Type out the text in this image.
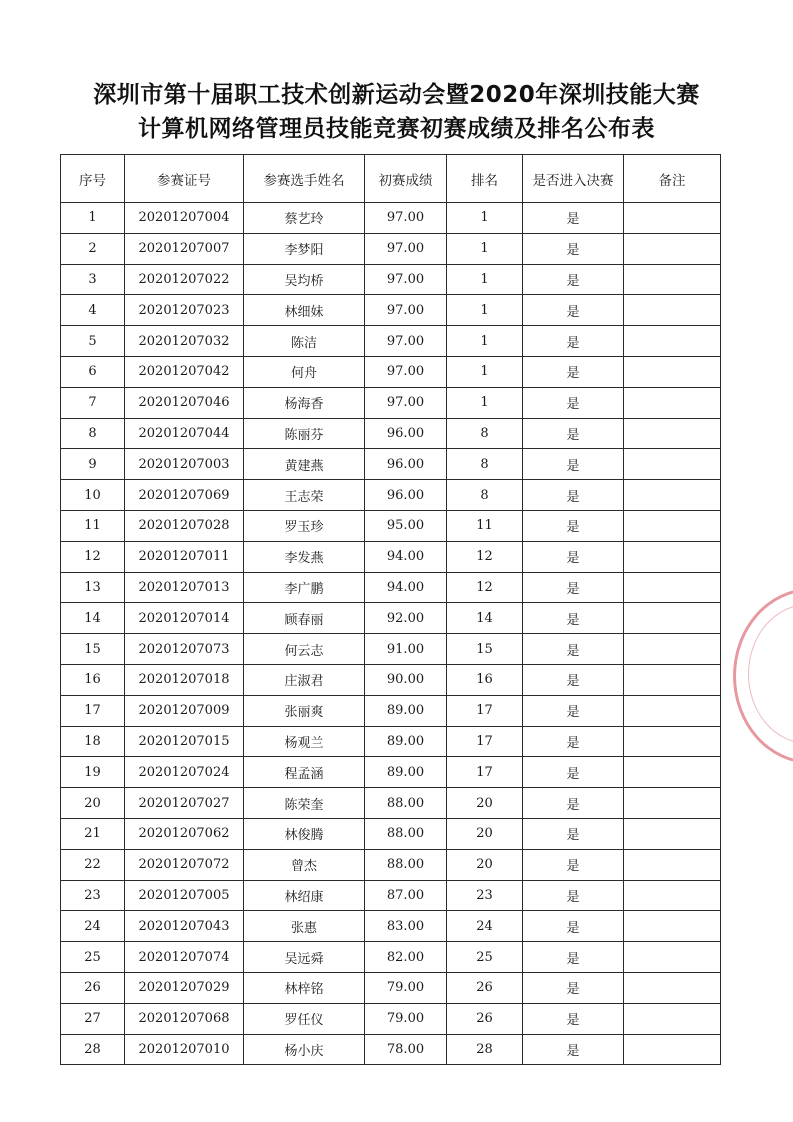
深圳市第十届职工技术创新运动会暨2020年深圳技能大赛
计算机网络管理员技能竞赛初赛成绩及排名公布表
序号	参赛证号	参赛选手姓名	初赛成绩	排名	是否进入决赛	备注
1	20201207004	蔡艺玲	97.00	1	是	
2	20201207007	李梦阳	97.00	1	是	
3	20201207022	吴均桥	97.00	1	是	
4	20201207023	林细妹	97.00	1	是	
5	20201207032	陈洁	97.00	1	是	
6	20201207042	何舟	97.00	1	是	
7	20201207046	杨海香	97.00	1	是	
8	20201207044	陈丽芬	96.00	8	是	
9	20201207003	黄建燕	96.00	8	是	
10	20201207069	王志荣	96.00	8	是	
11	20201207028	罗玉珍	95.00	11	是	
12	20201207011	李发燕	94.00	12	是	
13	20201207013	李广鹏	94.00	12	是	
14	20201207014	顾春丽	92.00	14	是	
15	20201207073	何云志	91.00	15	是	
16	20201207018	庄淑君	90.00	16	是	
17	20201207009	张丽爽	89.00	17	是	
18	20201207015	杨观兰	89.00	17	是	
19	20201207024	程孟涵	89.00	17	是	
20	20201207027	陈荣奎	88.00	20	是	
21	20201207062	林俊腾	88.00	20	是	
22	20201207072	曾杰	88.00	20	是	
23	20201207005	林绍康	87.00	23	是	
24	20201207043	张惠	83.00	24	是	
25	20201207074	吴远舜	82.00	25	是	
26	20201207029	林梓铭	79.00	26	是	
27	20201207068	罗任仪	79.00	26	是	
28	20201207010	杨小庆	78.00	28	是	
